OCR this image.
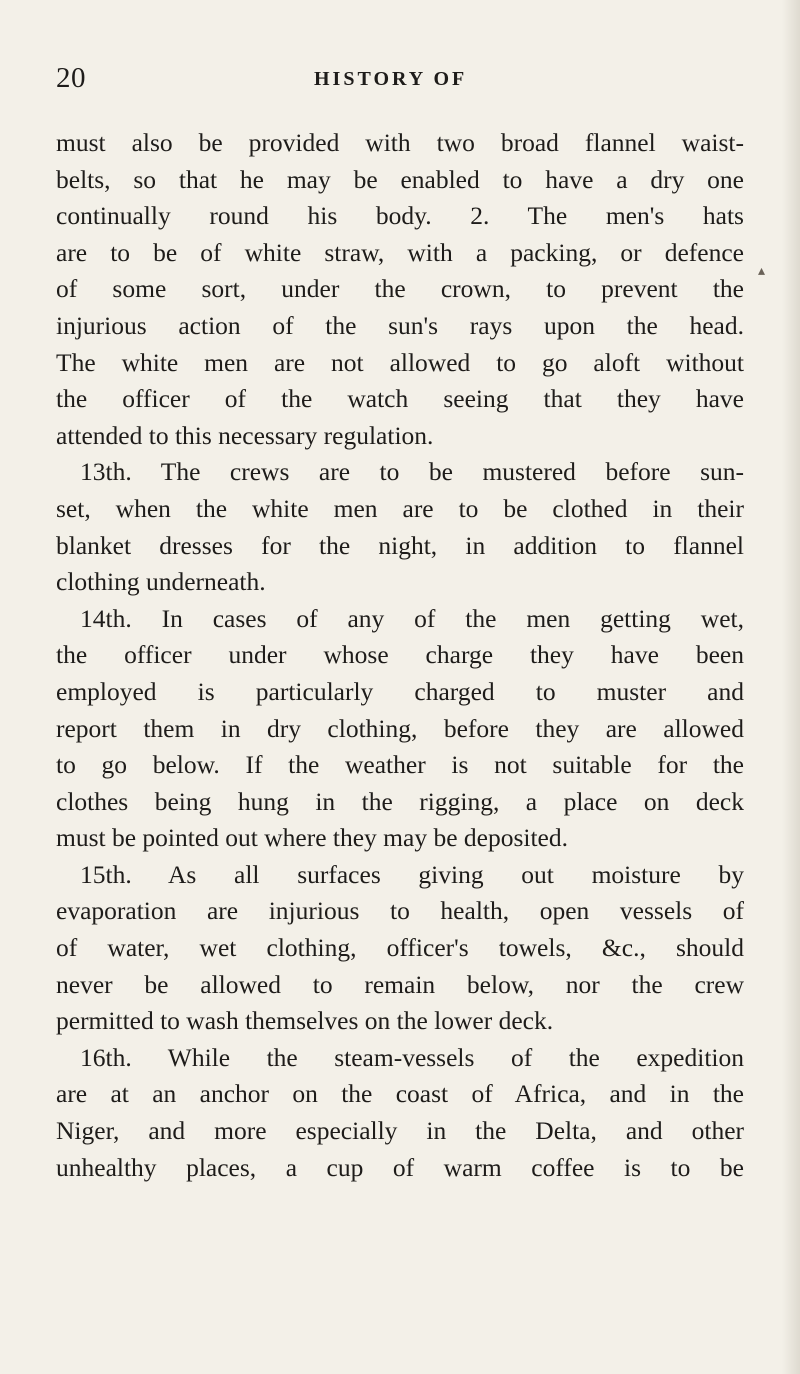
20	HISTORY OF
must also be provided with two broad flannel waist-
belts, so that he may be enabled to have a dry one
continually round his body. 2. The men's hats
are to be of white straw, with a packing, or defence
of some sort, under the crown, to prevent the
injurious action of the sun's rays upon the head.
The white men are not allowed to go aloft without
the officer of the watch seeing that they have
attended to this necessary regulation.
13th. The crews are to be mustered before sun-
set, when the white men are to be clothed in their
blanket dresses for the night, in addition to flannel
clothing underneath.
14th. In cases of any of the men getting wet,
the officer under whose charge they have been
employed is particularly charged to muster and
report them in dry clothing, before they are allowed
to go below. If the weather is not suitable for the
clothes being hung in the rigging, a place on deck
must be pointed out where they may be deposited.
15th. As all surfaces giving out moisture by
evaporation are injurious to health, open vessels of
of water, wet clothing, officer's towels, &c., should
never be allowed to remain below, nor the crew
permitted to wash themselves on the lower deck.
16th. While the steam-vessels of the expedition
are at an anchor on the coast of Africa, and in the
Niger, and more especially in the Delta, and other
unhealthy places, a cup of warm coffee is to be
▴
